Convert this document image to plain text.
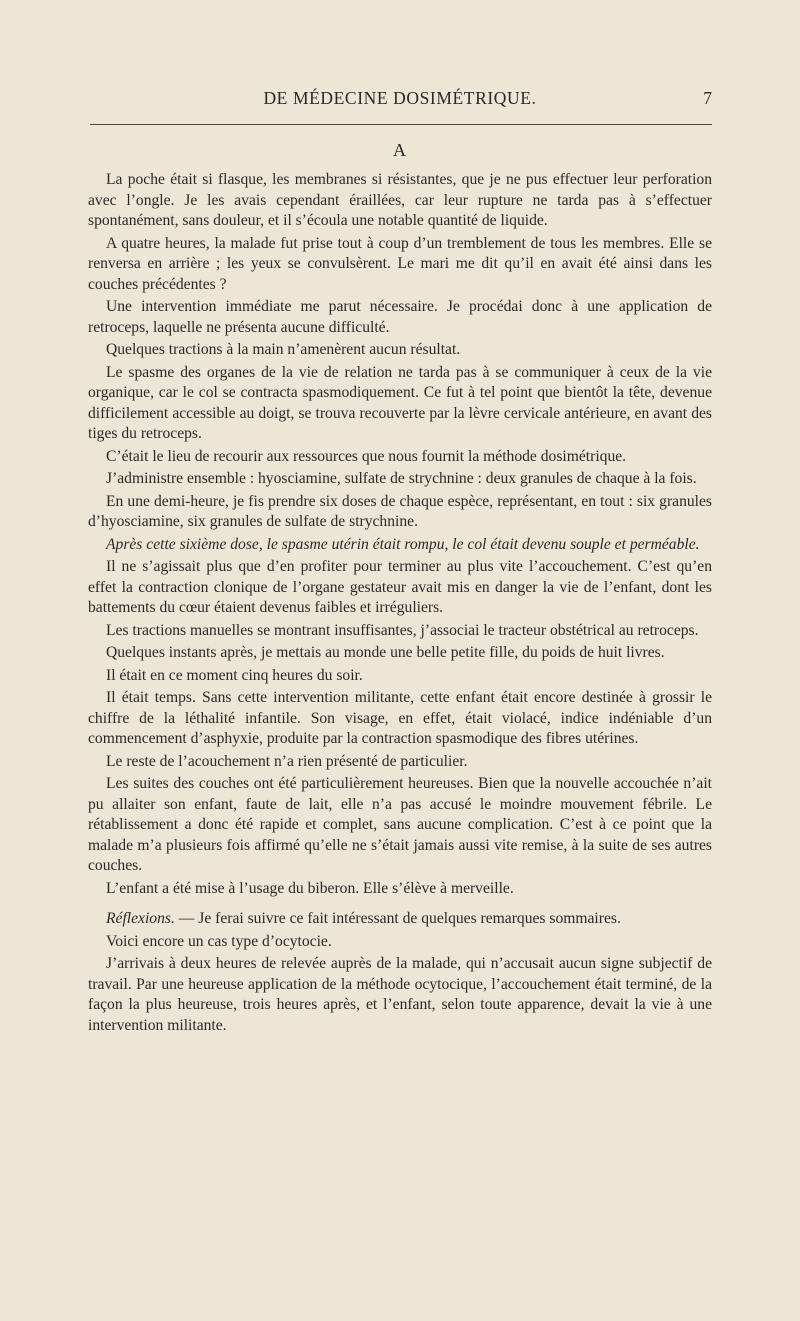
DE MÉDECINE DOSIMÉTRIQUE.	7
A

La poche était si flasque, les membranes si résistantes, que je ne pus effectuer leur perforation avec l’ongle. Je les avais cependant éraillées, car leur rupture ne tarda pas à s’effectuer spontanément, sans douleur, et il s’écoula une notable quantité de liquide.

A quatre heures, la malade fut prise tout à coup d’un tremblement de tous les membres. Elle se renversa en arrière ; les yeux se convulsèrent. Le mari me dit qu’il en avait été ainsi dans les couches précédentes ?

Une intervention immédiate me parut nécessaire. Je procédai donc à une application de retroceps, laquelle ne présenta aucune difficulté.

Quelques tractions à la main n’amenèrent aucun résultat.

Le spasme des organes de la vie de relation ne tarda pas à se communiquer à ceux de la vie organique, car le col se contracta spasmodiquement. Ce fut à tel point que bientôt la tête, devenue difficilement accessible au doigt, se trouva recouverte par la lèvre cervicale antérieure, en avant des tiges du retroceps.

C’était le lieu de recourir aux ressources que nous fournit la méthode dosimétrique.

J’administre ensemble : hyosciamine, sulfate de strychnine : deux granules de chaque à la fois.

En une demi-heure, je fis prendre six doses de chaque espèce, représentant, en tout : six granules d’hyosciamine, six granules de sulfate de strychnine.

Après cette sixième dose, le spasme utérin était rompu, le col était devenu souple et perméable.

Il ne s’agissait plus que d’en profiter pour terminer au plus vite l’accouchement. C’est qu’en effet la contraction clonique de l’organe gestateur avait mis en danger la vie de l’enfant, dont les battements du cœur étaient devenus faibles et irréguliers.

Les tractions manuelles se montrant insuffisantes, j’associai le tracteur obstétrical au retroceps.

Quelques instants après, je mettais au monde une belle petite fille, du poids de huit livres.

Il était en ce moment cinq heures du soir.

Il était temps. Sans cette intervention militante, cette enfant était encore destinée à grossir le chiffre de la léthalité infantile. Son visage, en effet, était violacé, indice indéniable d’un commencement d’asphyxie, produite par la contraction spasmodique des fibres utérines.

Le reste de l’acouchement n’a rien présenté de particulier.

Les suites des couches ont été particulièrement heureuses. Bien que la nouvelle accouchée n’ait pu allaiter son enfant, faute de lait, elle n’a pas accusé le moindre mouvement fébrile. Le rétablissement a donc été rapide et complet, sans aucune complication. C’est à ce point que la malade m’a plusieurs fois affirmé qu’elle ne s’était jamais aussi vite remise, à la suite de ses autres couches.

L’enfant a été mise à l’usage du biberon. Elle s’élève à merveille.

Réflexions. — Je ferai suivre ce fait intéressant de quelques remarques sommaires.

Voici encore un cas type d’ocytocie.

J’arrivais à deux heures de relevée auprès de la malade, qui n’accusait aucun signe subjectif de travail. Par une heureuse application de la méthode ocytocique, l’accouchement était terminé, de la façon la plus heureuse, trois heures après, et l’enfant, selon toute apparence, devait la vie à une intervention militante.
